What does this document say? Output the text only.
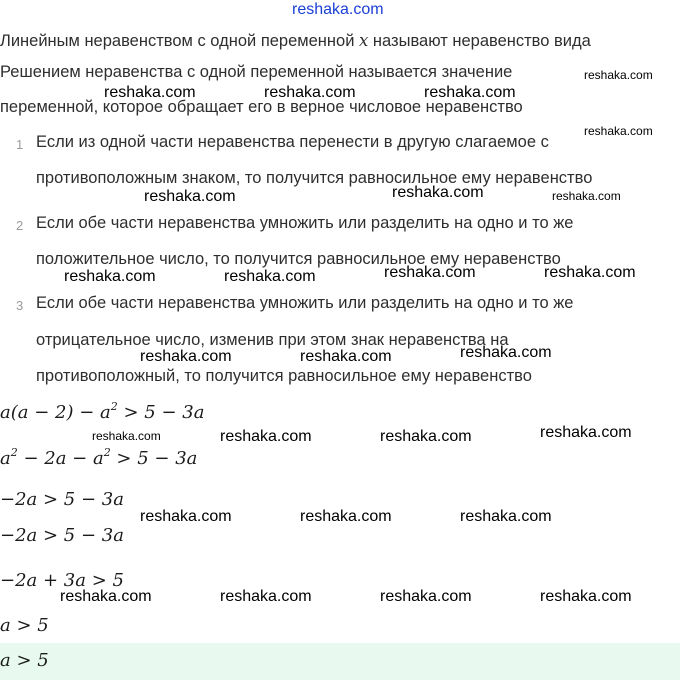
reshaka.com
Линейным неравенством с одной переменной x называют неравенство вида
Решением неравенства с одной переменной называется значение
переменной, которое обращает его в верное числовое неравенство
1 Если из одной части неравенства перенести в другую слагаемое с
противоположным знаком, то получится равносильное ему неравенство
2 Если обе части неравенства умножить или разделить на одно и то же
положительное число, то получится равносильное ему неравенство
3 Если обе части неравенства умножить или разделить на одно и то же
отрицательное число, изменив при этом знак неравенства на
противоположный, то получится равносильное ему неравенство
$a(a - 2) - a^2 > 5 - 3a$
$a^2 - 2a - a^2 > 5 - 3a$
−2a > 5 − 3a
−2a > 5 − 3a
−2a + 3a > 5
a > 5
a > 5
reshaka.com
reshaka.com	reshaka.com	reshaka.com
reshaka.com
reshaka.com	reshaka.com	reshaka.com
reshaka.com	reshaka.com	reshaka.com	reshaka.com
reshaka.com	reshaka.com	reshaka.com
reshaka.com	reshaka.com	reshaka.com	reshaka.com
reshaka.com	reshaka.com	reshaka.com
reshaka.com	reshaka.com	reshaka.com	reshaka.com
